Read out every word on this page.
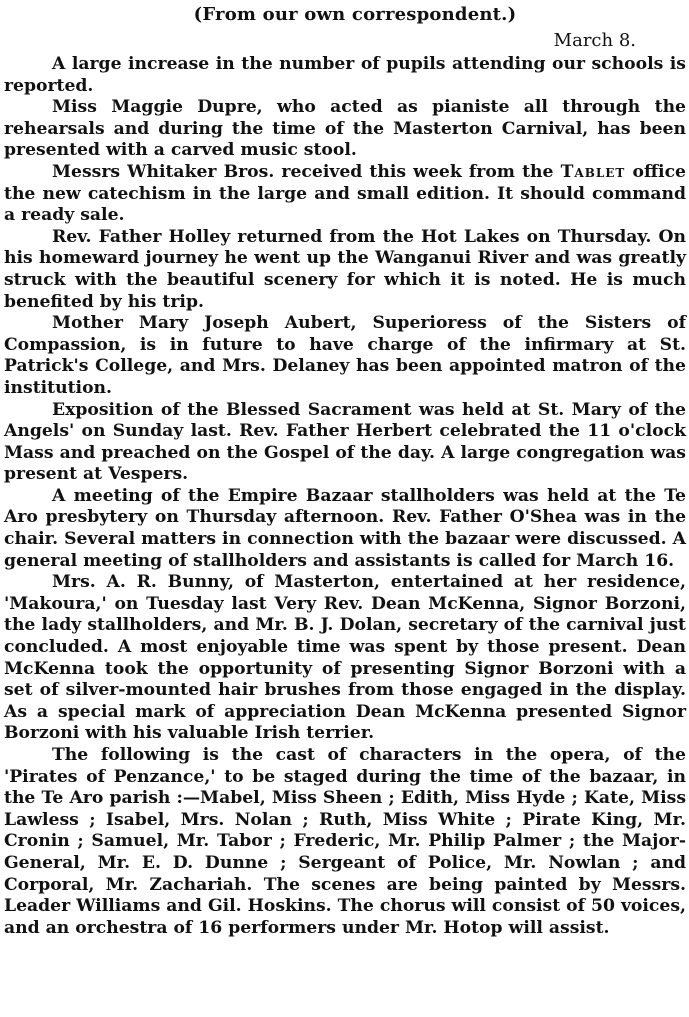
(From our own correspondent.)
March 8.

A large increase in the number of pupils attending our schools is reported.

Miss Maggie Dupre, who acted as pianiste all through the rehearsals and during the time of the Masterton Carnival, has been presented with a carved music stool.

Messrs Whitaker Bros. received this week from the Tablet office the new catechism in the large and small edition. It should command a ready sale.

Rev. Father Holley returned from the Hot Lakes on Thursday. On his homeward journey he went up the Wanganui River and was greatly struck with the beautiful scenery for which it is noted. He is much benefited by his trip.

Mother Mary Joseph Aubert, Superioress of the Sisters of Compassion, is in future to have charge of the infirmary at St. Patrick's College, and Mrs. Delaney has been appointed matron of the institution.

Exposition of the Blessed Sacrament was held at St. Mary of the Angels' on Sunday last. Rev. Father Herbert celebrated the 11 o'clock Mass and preached on the Gospel of the day. A large congregation was present at Vespers.

A meeting of the Empire Bazaar stallholders was held at the Te Aro presbytery on Thursday afternoon. Rev. Father O'Shea was in the chair. Several matters in connection with the bazaar were discussed. A general meeting of stallholders and assistants is called for March 16.

Mrs. A. R. Bunny, of Masterton, entertained at her residence, 'Makoura,' on Tuesday last Very Rev. Dean McKenna, Signor Borzoni, the lady stallholders, and Mr. B. J. Dolan, secretary of the carnival just concluded. A most enjoyable time was spent by those present. Dean McKenna took the opportunity of presenting Signor Borzoni with a set of silver-mounted hair brushes from those engaged in the display. As a special mark of appreciation Dean McKenna presented Signor Borzoni with his valuable Irish terrier.

The following is the cast of characters in the opera, of the 'Pirates of Penzance,' to be staged during the time of the bazaar, in the Te Aro parish :—Mabel, Miss Sheen ; Edith, Miss Hyde ; Kate, Miss Lawless ; Isabel, Mrs. Nolan ; Ruth, Miss White ; Pirate King, Mr. Cronin ; Samuel, Mr. Tabor ; Frederic, Mr. Philip Palmer ; the Major-General, Mr. E. D. Dunne ; Sergeant of Police, Mr. Nowlan ; and Corporal, Mr. Zachariah. The scenes are being painted by Messrs. Leader Williams and Gil. Hoskins. The chorus will consist of 50 voices, and an orchestra of 16 performers under Mr. Hotop will assist.
